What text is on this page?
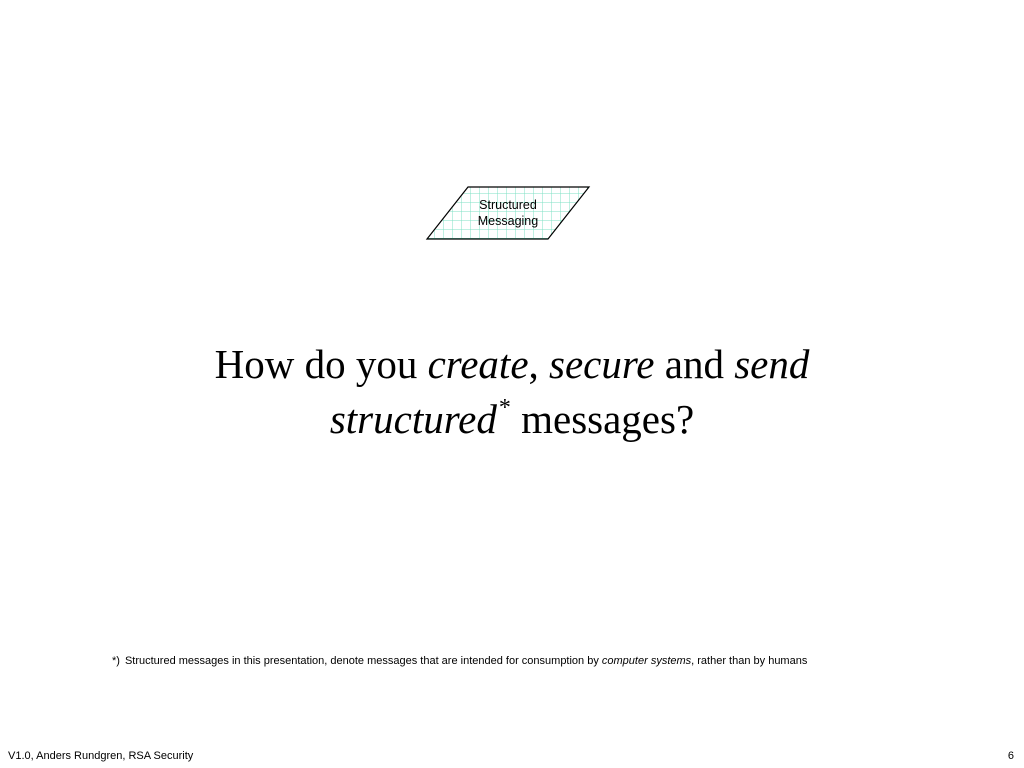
Structured
Messaging
How do you create, secure and send
structured* messages?
*) Structured messages in this presentation, denote messages that are intended for consumption by computer systems, rather than by humans
V1.0, Anders Rundgren, RSA Security	6
